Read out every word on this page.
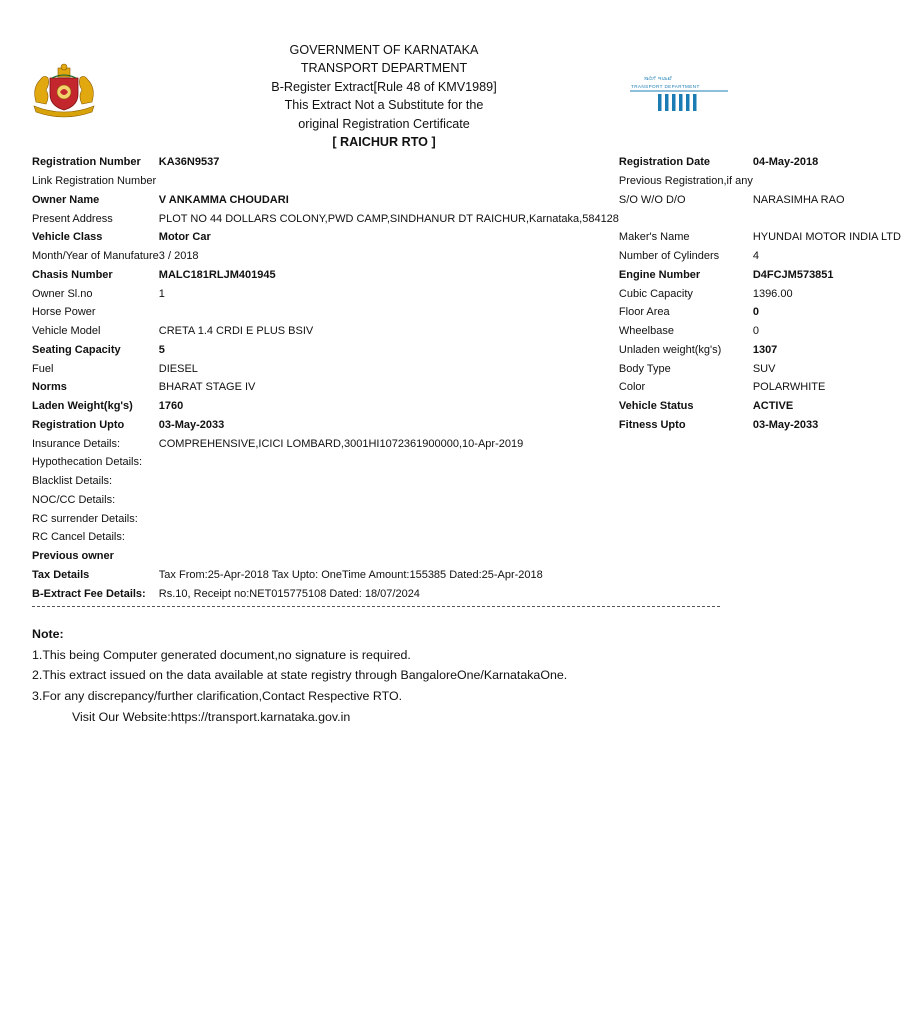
ಸಾರಿಗೆ ಇಲಾಖೆ
TRANSPORT DEPARTMENT
GOVERNMENT OF KARNATAKA
TRANSPORT DEPARTMENT
B-Register Extract[Rule 48 of KMV1989]
This Extract Not a Substitute for the
original Registration Certificate
[ RAICHUR RTO ]
Registration Number	KA36N9537	Registration Date	04-May-2018
Link Registration Number		Previous Registration,if any	
Owner Name	V ANKAMMA CHOUDARI	S/O W/O D/O	NARASIMHA RAO
Present Address	PLOT NO 44 DOLLARS COLONY,PWD CAMP,SINDHANUR DT RAICHUR,Karnataka,584128		
Vehicle Class	Motor Car	Maker's Name	HYUNDAI MOTOR INDIA LTD
Month/Year of Manufature	3 / 2018	Number of Cylinders	4
Chasis Number	MALC181RLJM401945	Engine Number	D4FCJM573851
Owner Sl.no	1	Cubic Capacity	1396.00
Horse Power		Floor Area	0
Vehicle Model	CRETA 1.4 CRDI E PLUS BSIV	Wheelbase	0
Seating Capacity	5	Unladen weight(kg's)	1307
Fuel	DIESEL	Body Type	SUV
Norms	BHARAT STAGE IV	Color	POLARWHITE
Laden Weight(kg's)	1760	Vehicle Status	ACTIVE
Registration Upto	03-May-2033	Fitness Upto	03-May-2033
Insurance Details:	COMPREHENSIVE,ICICI LOMBARD,3001HI1072361900000,10-Apr-2019		
Hypothecation Details:			
Blacklist Details:			
NOC/CC Details:			
RC surrender Details:			
RC Cancel Details:			
Previous owner			
Tax Details	Tax From:25-Apr-2018 Tax Upto: OneTime Amount:155385 Dated:25-Apr-2018		
B-Extract Fee Details:	Rs.10, Receipt no:NET015775108 Dated: 18/07/2024		
Note:
1.This being Computer generated document,no signature is required.
2.This extract issued on the data available at state registry through BangaloreOne/KarnatakaOne.
3.For any discrepancy/further clarification,Contact Respective RTO.
Visit Our Website:https://transport.karnataka.gov.in
